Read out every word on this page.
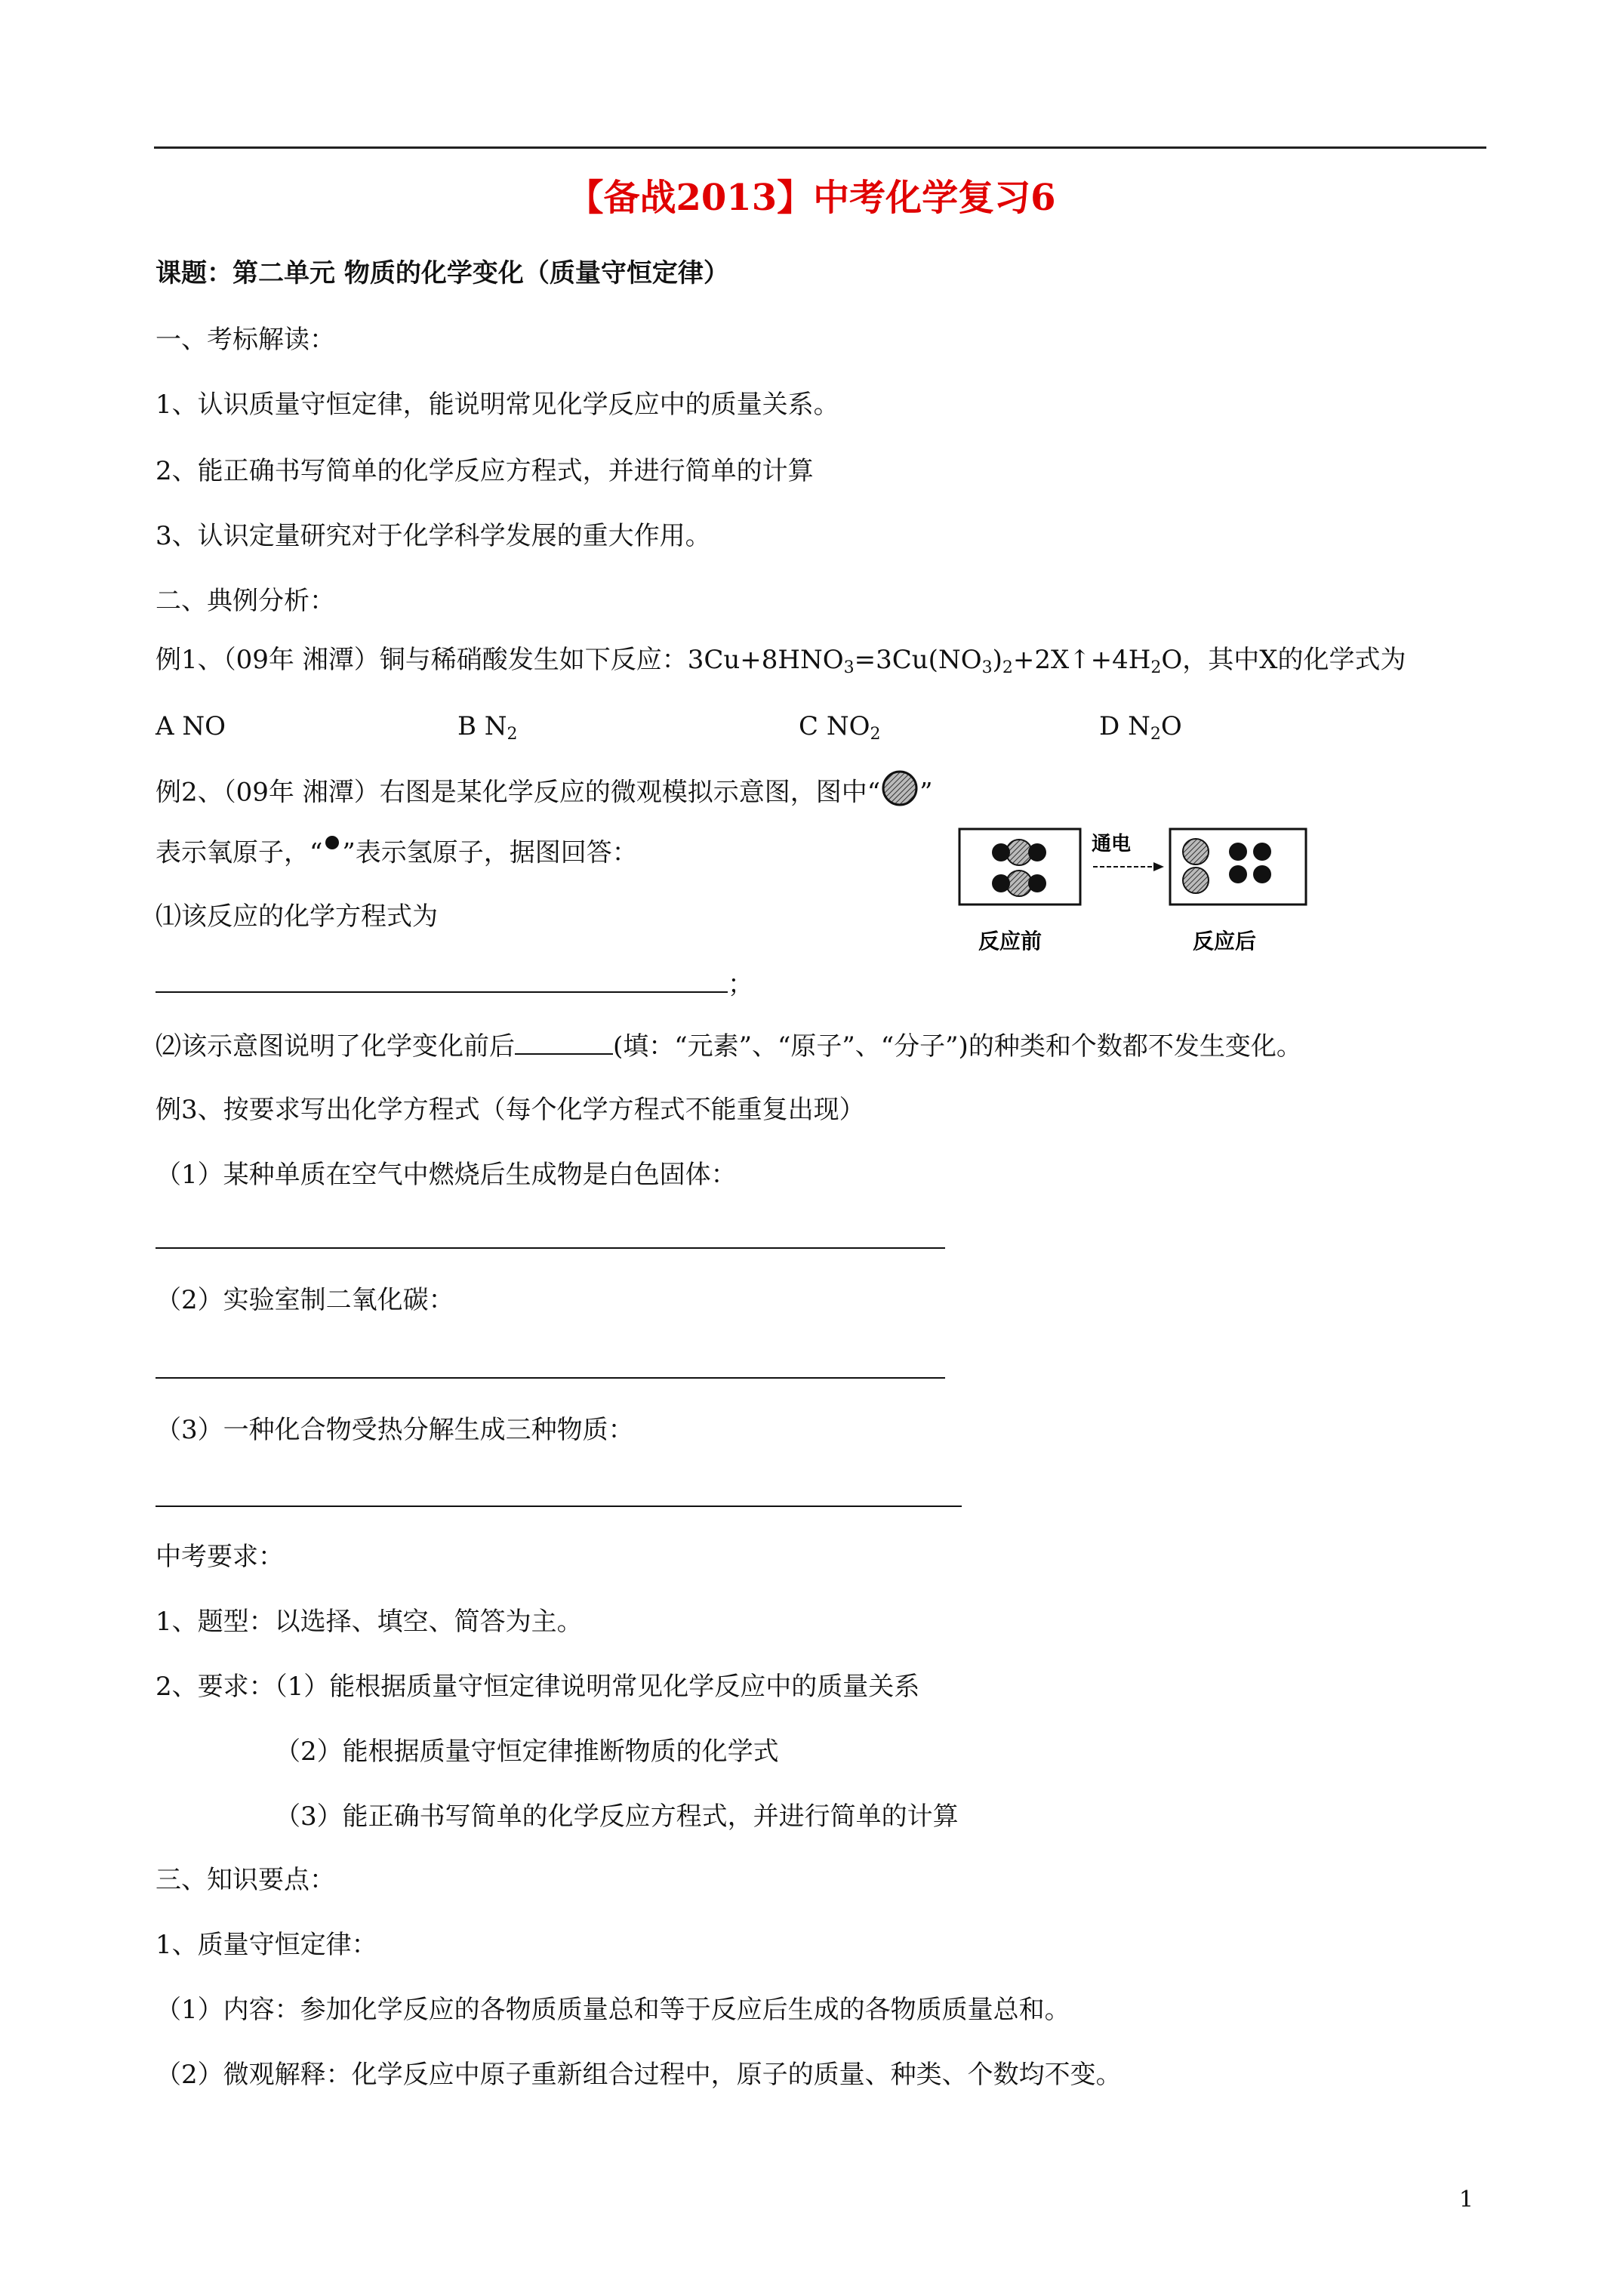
【备战2013】中考化学复习6
课题：第二单元 物质的化学变化（质量守恒定律）
一、考标解读：
1、认识质量守恒定律，能说明常见化学反应中的质量关系。
2、能正确书写简单的化学反应方程式，并进行简单的计算
3、认识定量研究对于化学科学发展的重大作用。
二、典例分析：
例1、（09年 湘潭）铜与稀硝酸发生如下反应：$3Cu+8HNO_3=3Cu(NO_3)_2+2X↑+4H_2O$，其中X的化学式为
A NO	B $N_2$	C $NO_2$	D $N_2O$
例2、（09年 湘潭）右图是某化学反应的微观模拟示意图，图中“ ”
表示氧原子，“ ”表示氢原子，据图回答：
⑴该反应的化学方程式为
；
⑵该示意图说明了化学变化前后	(填：“元素”、“原子”、“分子”)的种类和个数都不发生变化。
通电
反应前	反应后
例3、按要求写出化学方程式（每个化学方程式不能重复出现）
（1）某种单质在空气中燃烧后生成物是白色固体：
（2）实验室制二氧化碳：
（3）一种化合物受热分解生成三种物质：
中考要求：
1、题型：以选择、填空、简答为主。
2、要求：（1）能根据质量守恒定律说明常见化学反应中的质量关系
（2）能根据质量守恒定律推断物质的化学式
（3）能正确书写简单的化学反应方程式，并进行简单的计算
三、知识要点：
1、质量守恒定律：
（1）内容：参加化学反应的各物质质量总和等于反应后生成的各物质质量总和。
（2）微观解释：化学反应中原子重新组合过程中，原子的质量、种类、个数均不变。
1
